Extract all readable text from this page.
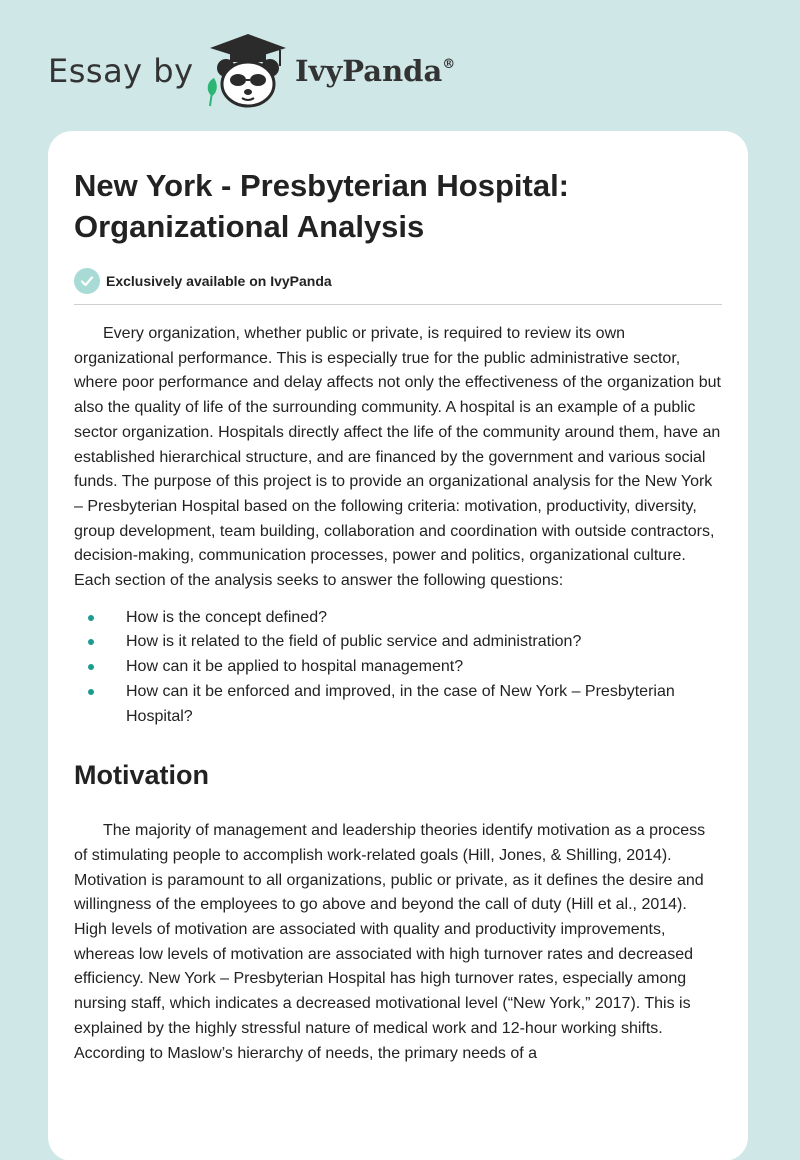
Essay by	IvyPanda®
New York - Presbyterian Hospital: Organizational Analysis
Exclusively available on IvyPanda

Every organization, whether public or private, is required to review its own organizational performance. This is especially true for the public administrative sector, where poor performance and delay affects not only the effectiveness of the organization but also the quality of life of the surrounding community. A hospital is an example of a public sector organization. Hospitals directly affect the life of the community around them, have an established hierarchical structure, and are financed by the government and various social funds. The purpose of this project is to provide an organizational analysis for the New York – Presbyterian Hospital based on the following criteria: motivation, productivity, diversity, group development, team building, collaboration and coordination with outside contractors, decision-making, communication processes, power and politics, organizational culture. Each section of the analysis seeks to answer the following questions:

How is the concept defined?
How is it related to the field of public service and administration?
How can it be applied to hospital management?
How can it be enforced and improved, in the case of New York – Presbyterian Hospital?
Motivation

The majority of management and leadership theories identify motivation as a process of stimulating people to accomplish work-related goals (Hill, Jones, & Shilling, 2014). Motivation is paramount to all organizations, public or private, as it defines the desire and willingness of the employees to go above and beyond the call of duty (Hill et al., 2014). High levels of motivation are associated with quality and productivity improvements, whereas low levels of motivation are associated with high turnover rates and decreased efficiency. New York – Presbyterian Hospital has high turnover rates, especially among nursing staff, which indicates a decreased motivational level (“New York,” 2017). This is explained by the highly stressful nature of medical work and 12-hour working shifts. According to Maslow’s hierarchy of needs, the primary needs of a
